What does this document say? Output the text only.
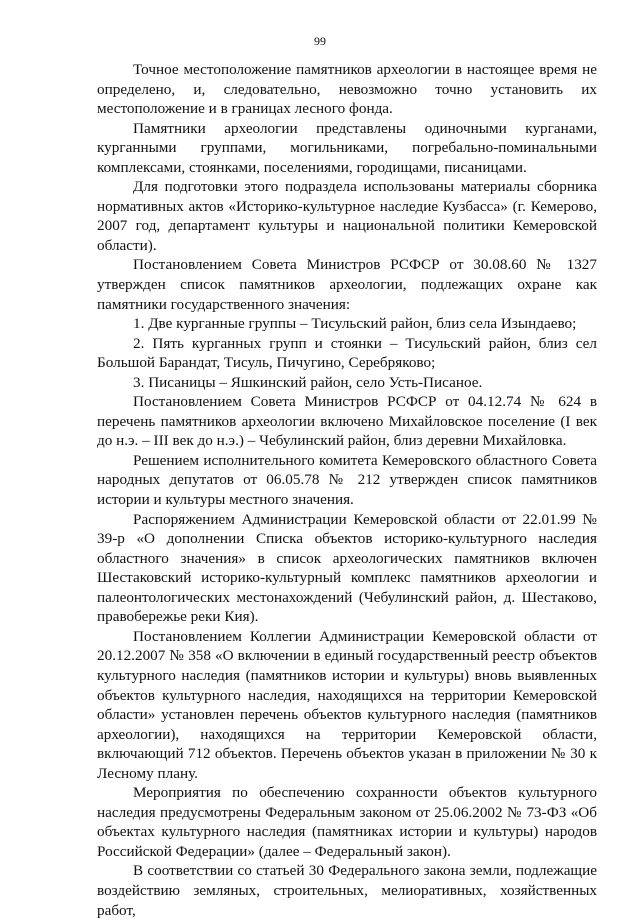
99

Точное местоположение памятников археологии в настоящее время не определено, и, следовательно, невозможно точно установить их местоположение и в границах лесного фонда.

Памятники археологии представлены одиночными курганами, курганными группами, могильниками, погребально-поминальными комплексами, стоянками, поселениями, городищами, писаницами.

Для подготовки этого подраздела использованы материалы сборника нормативных актов «Историко-культурное наследие Кузбасса» (г. Кемерово, 2007 год, департамент культуры и национальной политики Кемеровской области).

Постановлением Совета Министров РСФСР от 30.08.60 № 1327 утвержден список памятников археологии, подлежащих охране как памятники государственного значения:

1. Две курганные группы – Тисульский район, близ села Изындаево;

2. Пять курганных групп и стоянки – Тисульский район, близ сел Большой Барандат, Тисуль, Пичугино, Серебряково;

3. Писаницы – Яшкинский район, село Усть-Писаное.

Постановлением Совета Министров РСФСР от 04.12.74 № 624 в перечень памятников археологии включено Михайловское поселение (I век до н.э. – III век до н.э.) – Чебулинский район, близ деревни Михайловка.

Решением исполнительного комитета Кемеровского областного Совета народных депутатов от 06.05.78 № 212 утвержден список памятников истории и культуры местного значения.

Распоряжением Администрации Кемеровской области от 22.01.99 № 39-р «О дополнении Списка объектов историко-культурного наследия областного значения» в список археологических памятников включен Шестаковский историко-культурный комплекс памятников археологии и палеонтологических местонахождений (Чебулинский район, д. Шестаково, правобережье реки Кия).

Постановлением Коллегии Администрации Кемеровской области от 20.12.2007 № 358 «О включении в единый государственный реестр объектов культурного наследия (памятников истории и культуры) вновь выявленных объектов культурного наследия, находящихся на территории Кемеровской области» установлен перечень объектов культурного наследия (памятников археологии), находящихся на территории Кемеровской области, включающий 712 объектов. Перечень объектов указан в приложении № 30 к Лесному плану.

Мероприятия по обеспечению сохранности объектов культурного наследия предусмотрены Федеральным законом от 25.06.2002 № 73-ФЗ «Об объектах культурного наследия (памятниках истории и культуры) народов Российской Федерации» (далее – Федеральный закон).

В соответствии со статьей 30 Федерального закона земли, подлежащие воздействию земляных, строительных, мелиоративных, хозяйственных работ,
